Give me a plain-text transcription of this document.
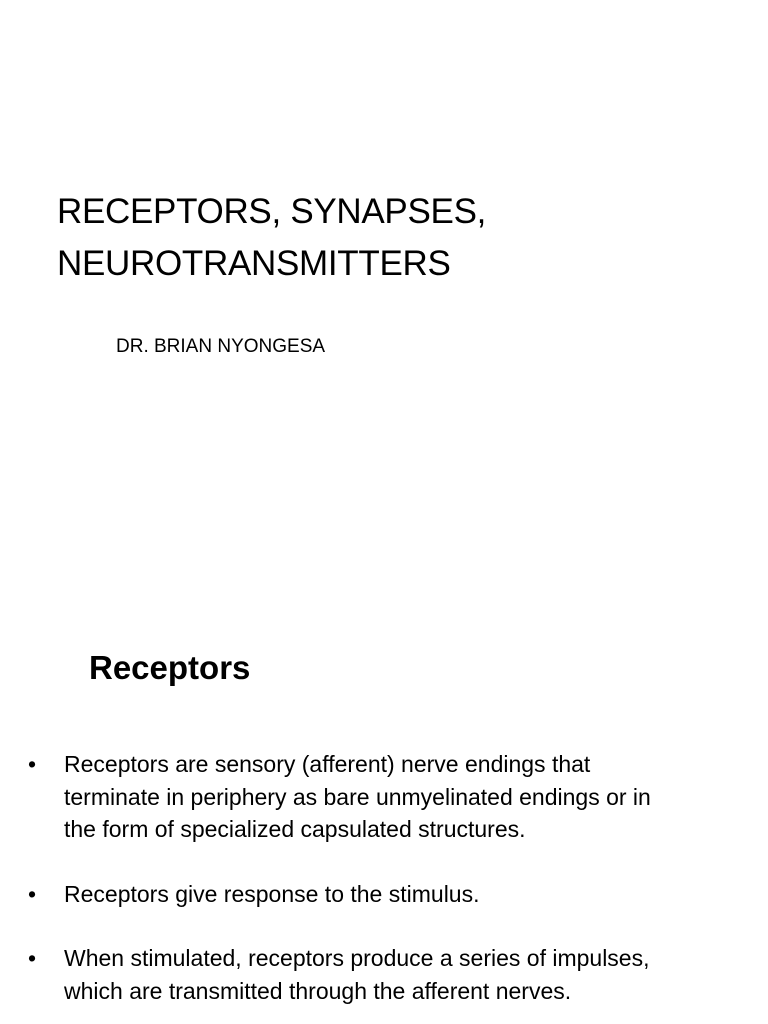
RECEPTORS, SYNAPSES,
NEUROTRANSMITTERS

DR. BRIAN NYONGESA

Receptors
•	Receptors are sensory (afferent) nerve endings that terminate in periphery as bare unmyelinated endings or in the form of specialized capsulated structures.
•	Receptors give response to the stimulus.
•	When stimulated, receptors produce a series of impulses, which are transmitted through the afferent nerves.
